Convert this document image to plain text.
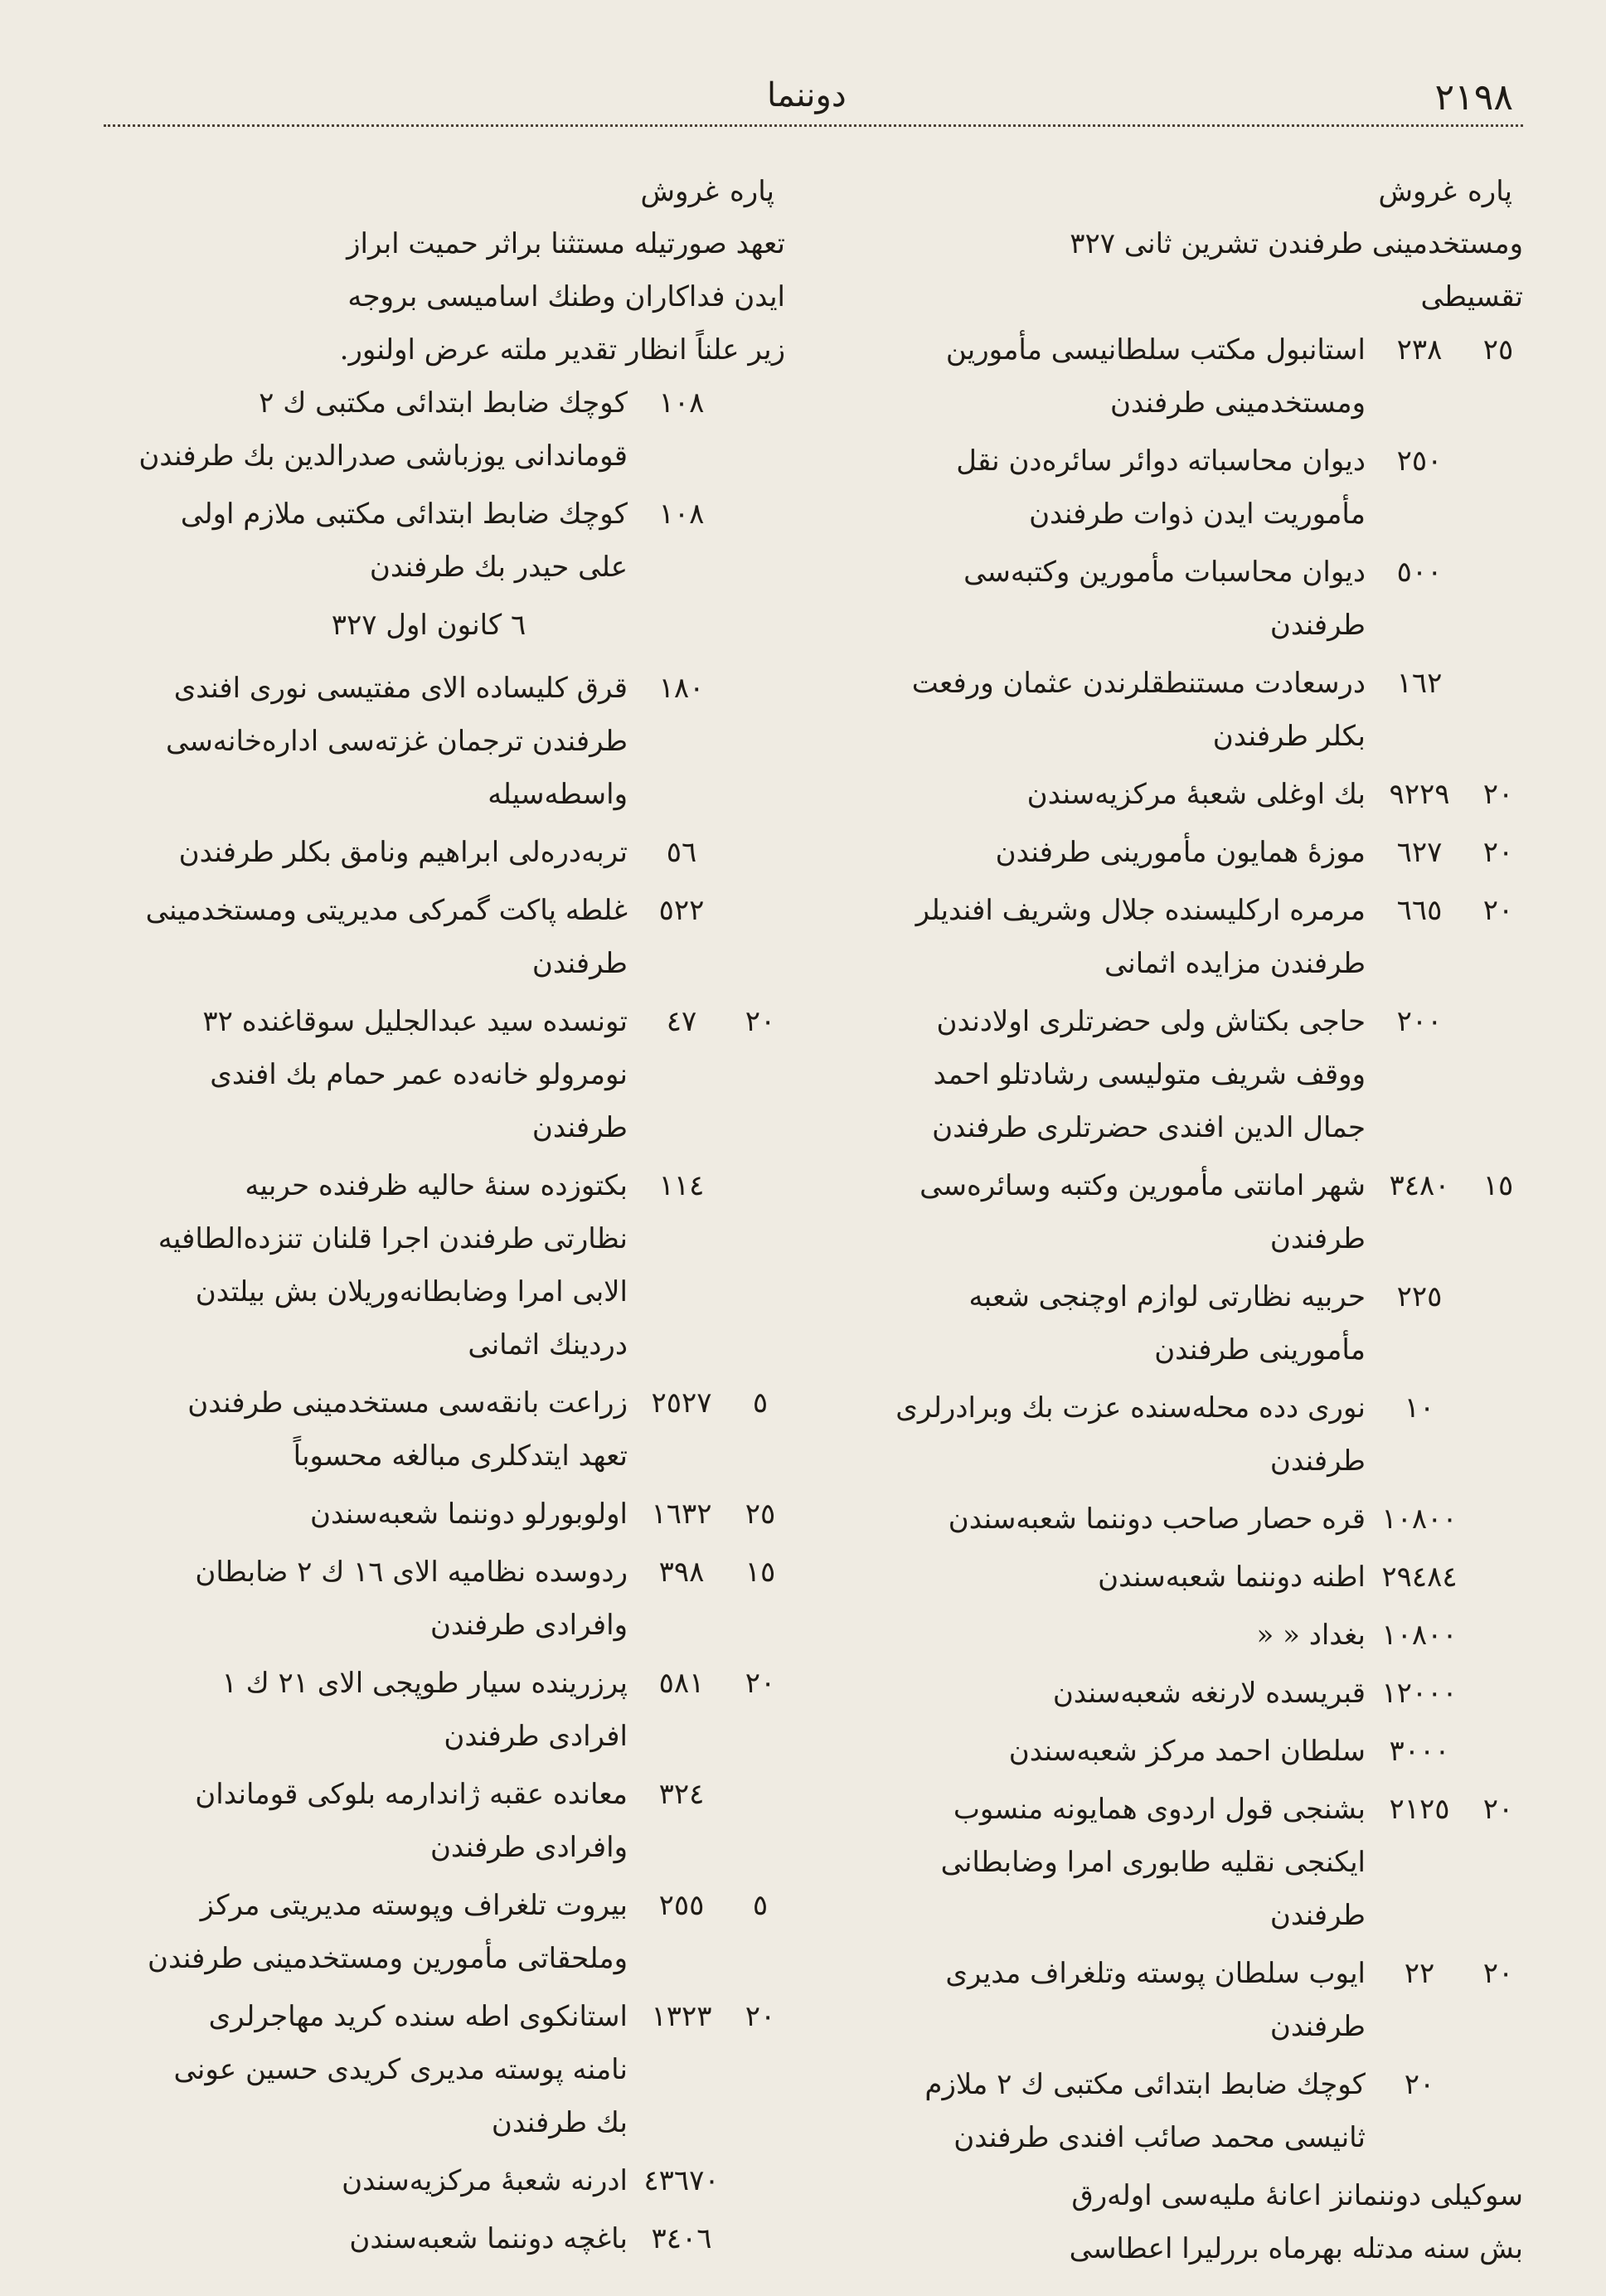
٢١٩٨
دوننما
پاره
غروش
ومستخدمینی طرفندن تشرین ثانی ٣٢٧
تقسیطی
٢٥
٢٣٨
استانبول مکتب سلطانیسی مأمورین
ومستخدمینی طرفندن
٢٥٠
دیوان محاسباته دوائر سائره‌دن نقل
مأموریت ایدن ذوات طرفندن
٥٠٠
دیوان محاسبات مأمورین وکتبه‌سی
طرفندن
١٦٢
درسعادت مستنطقلرندن عثمان ورفعت
بکلر طرفندن
٢٠
٩٢٢٩
بك اوغلی شعبهٔ مرکزیه‌سندن
٢٠
٦٢٧
موزهٔ همایون مأمورینی طرفندن
٢٠
٦٦٥
مرمره ارکلیسنده جلال وشریف افندیلر
طرفندن مزایده اثمانی
٢٠٠
حاجی بکتاش ولی حضرتلری اولادندن
ووقف شریف متولیسی رشادتلو احمد
جمال الدین افندی حضرتلری طرفندن
١٥
٣٤٨٠
شهر امانتی مأمورین وکتبه وسائره‌سی
طرفندن
٢٢٥
حربیه نظارتی لوازم اوچنجی شعبه
مأمورینی طرفندن
١٠
نوری دده محله‌سنده عزت بك وبرادرلری
طرفندن
١٠٨٠٠
قره حصار صاحب دوننما شعبه‌سندن
٢٩٤٨٤
اطنه دوننما شعبه‌سندن
١٠٨٠٠
بغداد « «
١٢٠٠٠
قبریسده لارنغه شعبه‌سندن
٣٠٠٠
سلطان احمد مرکز شعبه‌سندن
٢٠
٢١٢٥
بشنجی قول اردوی همایونه منسوب
ایکنجی نقلیه طابوری امرا وضابطانی
طرفندن
٢٠
٢٢
ایوب سلطان پوسته وتلغراف مدیری
طرفندن
٢٠
کوچك ضابط ابتدائی مکتبی ك ٢ ملازم
ثانیسی محمد صائب افندی طرفندن
سوکیلی دوننمانز اعانهٔ ملیه‌سی اوله‌رق
بش سنه مدتله بهرماه بررلیرا اعطاسی
پاره
غروش
تعهد صورتیله مستثنا براثر حمیت ابراز
ایدن فداکاران وطنك اساميسی بروجه
زیر علناً انظار تقدیر ملته عرض اولنور.
١٠٨
کوچك ضابط ابتدائی مکتبی ك ٢
قوماندانی یوزباشی صدرالدین بك طرفندن
١٠٨
کوچك ضابط ابتدائی مکتبی ملازم اولی
علی حیدر بك طرفندن
٦ کانون اول ٣٢٧
١٨٠
قرق کلیساده الای مفتیسی نوری افندی
طرفندن ترجمان غزته‌سی اداره‌خانه‌سی
واسطه‌سیله
٥٦
تربه‌دره‌لی ابراهیم ونامق بکلر طرفندن
٥٢٢
غلطه پاکت گمرکی مدیریتی ومستخدمینی
طرفندن
٢٠
٤٧
تونسده سید عبدالجلیل سوقاغنده ٣٢
نومرولو خانه‌ده عمر حمام بك افندی
طرفندن
١١٤
بکتوزده سنهٔ حالیه ظرفنده حربیه
نظارتی طرفندن اجرا قلنان تنزده‌الطافیه
الابی امرا وضابطانه‌وریلان بش بیلتدن
دردینك اثمانی
٥
٢٥٢٧
زراعت بانقه‌سی مستخدمینی طرفندن
تعهد ایتدکلری مبالغه محسوباً
٢٥
١٦٣٢
اولوبورلو دوننما شعبه‌سندن
١٥
٣٩٨
ردوسده نظامیه الای ١٦ ك ٢ ضابطان
وافرادی طرفندن
٢٠
٥٨١
پرزرینده سیار طوپجی الای ٢١ ك ١
افرادی طرفندن
٣٢٤
معانده عقبه ژاندارمه بلوکی قوماندان
وافرادی طرفندن
٥
٢٥٥
بیروت تلغراف وپوسته مدیریتی مرکز
وملحقاتی مأمورین ومستخدمینی طرفندن
٢٠
١٣٢٣
استانکوی اطه سنده کرید مهاجرلری
نامنه پوسته مدیری کریدی حسین عونی
بك طرفندن
٤٣٦٧٠
ادرنه شعبهٔ مرکزیه‌سندن
٣٤٠٦
باغچه دوننما شعبه‌سندن
